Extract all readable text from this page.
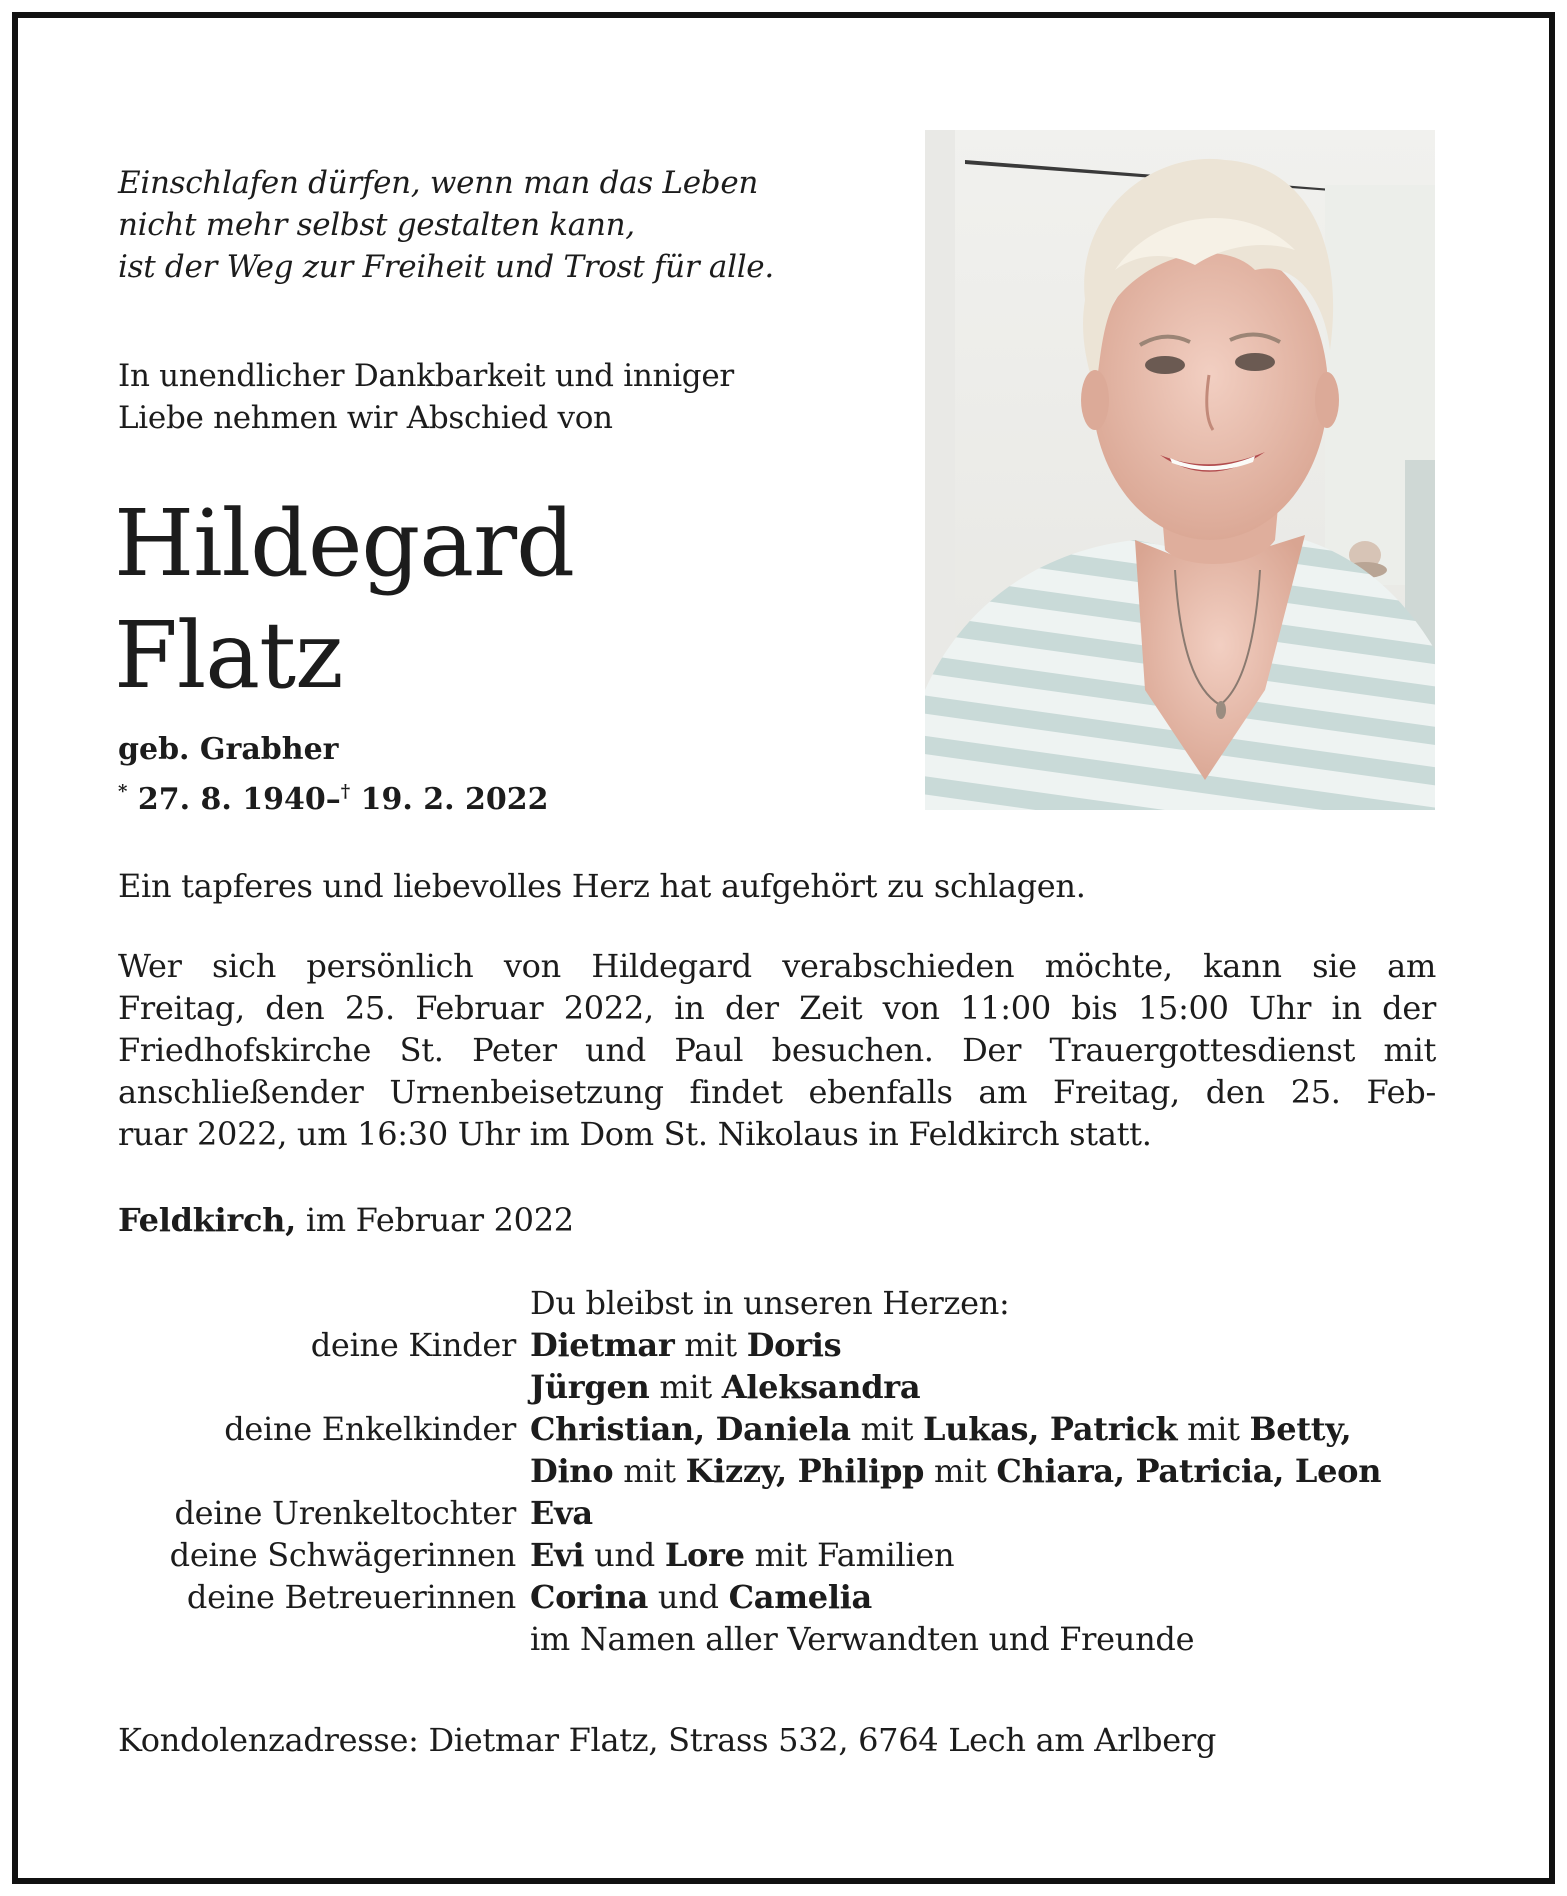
Einschlafen dürfen, wenn man das Leben
nicht mehr selbst gestalten kann,
ist der Weg zur Freiheit und Trost für alle.
In unendlicher Dankbarkeit und inniger
Liebe nehmen wir Abschied von
Hildegard
Flatz
geb. Grabher
* 27. 8. 1940–† 19. 2. 2022
Ein tapferes und liebevolles Herz hat aufgehört zu schlagen.
Wer sich persönlich von Hildegard verabschieden möchte, kann sie am
Freitag, den 25. Februar 2022, in der Zeit von 11:00 bis 15:00 Uhr in der
Friedhofskirche St. Peter und Paul besuchen. Der Trauergottesdienst mit
anschließender Urnenbeisetzung findet ebenfalls am Freitag, den 25. Feb-
ruar 2022, um 16:30 Uhr im Dom St. Nikolaus in Feldkirch statt.
Feldkirch, im Februar 2022
Du bleibst in unseren Herzen:
deine Kinder Dietmar mit Doris
Jürgen mit Aleksandra
deine Enkelkinder Christian, Daniela mit Lukas, Patrick mit Betty,
Dino mit Kizzy, Philipp mit Chiara, Patricia, Leon
deine Urenkeltochter Eva
deine Schwägerinnen Evi und Lore mit Familien
deine Betreuerinnen Corina und Camelia
im Namen aller Verwandten und Freunde
Kondolenzadresse: Dietmar Flatz, Strass 532, 6764 Lech am Arlberg
